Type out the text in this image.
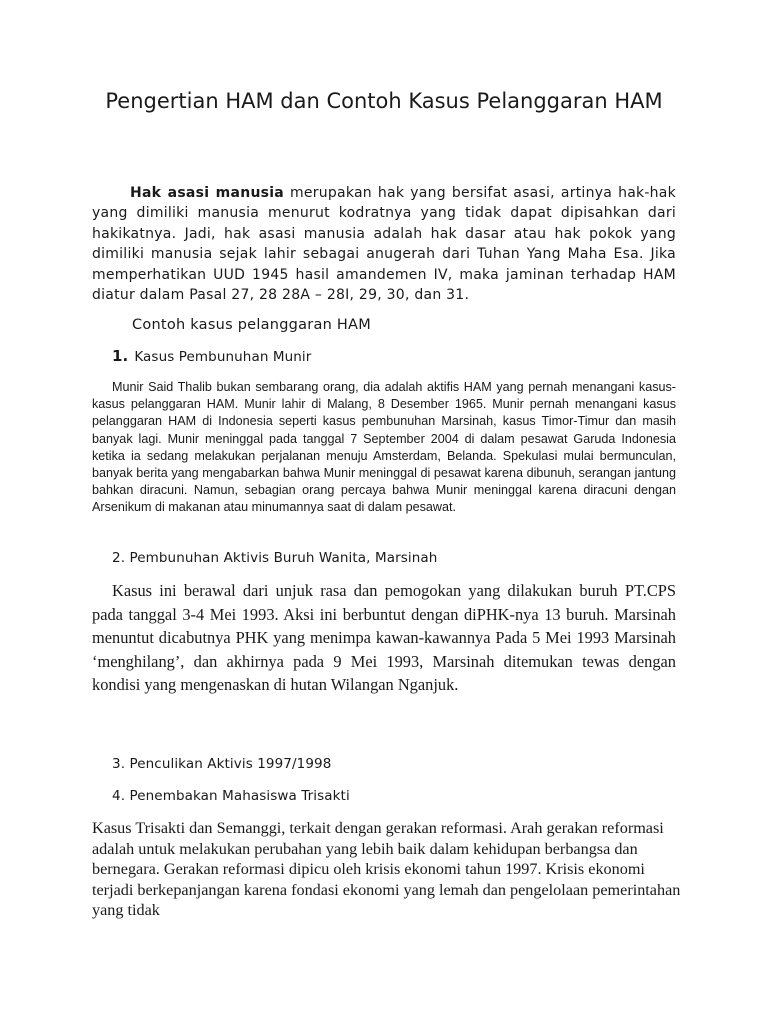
Pengertian HAM dan Contoh Kasus Pelanggaran HAM

Hak asasi manusia merupakan hak yang bersifat asasi, artinya hak-hak yang dimiliki manusia menurut kodratnya yang tidak dapat dipisahkan dari hakikatnya. Jadi, hak asasi manusia adalah hak dasar atau hak pokok yang dimiliki manusia sejak lahir sebagai anugerah dari Tuhan Yang Maha Esa. Jika memperhatikan UUD 1945 hasil amandemen IV, maka jaminan terhadap HAM diatur dalam Pasal 27, 28 28A – 28I, 29, 30, dan 31.

Contoh kasus pelanggaran HAM

1. Kasus Pembunuhan Munir

Munir Said Thalib bukan sembarang orang, dia adalah aktifis HAM yang pernah menangani kasus-kasus pelanggaran HAM. Munir lahir di Malang, 8 Desember 1965. Munir pernah menangani kasus pelanggaran HAM di Indonesia seperti kasus pembunuhan Marsinah, kasus Timor-Timur dan masih banyak lagi. Munir meninggal pada tanggal 7 September 2004 di dalam pesawat Garuda Indonesia ketika ia sedang melakukan perjalanan menuju Amsterdam, Belanda. Spekulasi mulai bermunculan, banyak berita yang mengabarkan bahwa Munir meninggal di pesawat karena dibunuh, serangan jantung bahkan diracuni. Namun, sebagian orang percaya bahwa Munir meninggal karena diracuni dengan Arsenikum di makanan atau minumannya saat di dalam pesawat.

2. Pembunuhan Aktivis Buruh Wanita, Marsinah

Kasus ini berawal dari unjuk rasa dan pemogokan yang dilakukan buruh PT.CPS pada tanggal 3-4 Mei 1993. Aksi ini berbuntut dengan diPHK-nya 13 buruh. Marsinah menuntut dicabutnya PHK yang menimpa kawan-kawannya Pada 5 Mei 1993 Marsinah ‘menghilang’, dan akhirnya pada 9 Mei 1993, Marsinah ditemukan tewas dengan kondisi yang mengenaskan di hutan Wilangan Nganjuk.

3. Penculikan Aktivis 1997/1998

4. Penembakan Mahasiswa Trisakti

Kasus Trisakti dan Semanggi, terkait dengan gerakan reformasi. Arah gerakan reformasi adalah untuk melakukan perubahan yang lebih baik dalam kehidupan berbangsa dan bernegara. Gerakan reformasi dipicu oleh krisis ekonomi tahun 1997. Krisis ekonomi terjadi berkepanjangan karena fondasi ekonomi yang lemah dan pengelolaan pemerintahan yang tidak
